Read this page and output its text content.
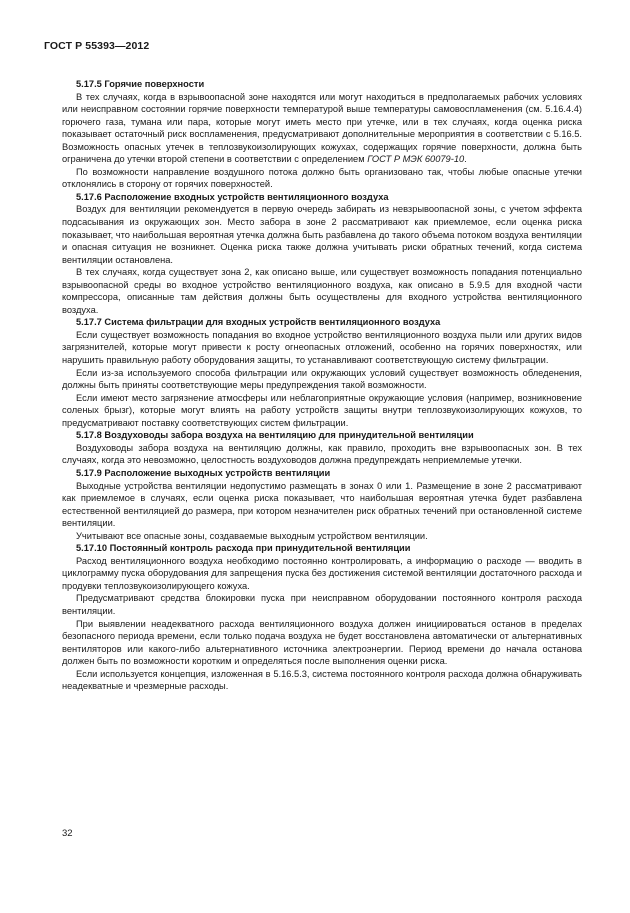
ГОСТ Р 55393—2012

5.17.5 Горячие поверхности

В тех случаях, когда в взрывоопасной зоне находятся или могут находиться в предполагаемых рабочих условиях или неисправном состоянии горячие поверхности температурой выше температуры самовоспламенения (см. 5.16.4.4) горючего газа, тумана или пара, которые могут иметь место при утечке, или в тех случаях, когда оценка риска показывает остаточный риск воспламенения, предусматривают дополнительные мероприятия в соответствии с 5.16.5. Возможность опасных утечек в теплозвукоизолирующих кожухах, содержащих горячие поверхности, должна быть ограничена до утечки второй степени в соответствии с определением ГОСТ Р МЭК 60079-10.

По возможности направление воздушного потока должно быть организовано так, чтобы любые опасные утечки отклонялись в сторону от горячих поверхностей.

5.17.6 Расположение входных устройств вентиляционного воздуха

Воздух для вентиляции рекомендуется в первую очередь забирать из невзрывоопасной зоны, с учетом эффекта подсасывания из окружающих зон. Место забора в зоне 2 рассматривают как приемлемое, если оценка риска показывает, что наибольшая вероятная утечка должна быть разбавлена до такого объема потоком воздуха вентиляции и опасная ситуация не возникнет. Оценка риска также должна учитывать риски обратных течений, когда система вентиляции остановлена.

В тех случаях, когда существует зона 2, как описано выше, или существует возможность попадания потенциально взрывоопасной среды во входное устройство вентиляционного воздуха, как описано в 5.9.5 для входной части компрессора, описанные там действия должны быть осуществлены для входного устройства вентиляционного воздуха.

5.17.7 Система фильтрации для входных устройств вентиляционного воздуха

Если существует возможность попадания во входное устройство вентиляционного воздуха пыли или других видов загрязнителей, которые могут привести к росту огнеопасных отложений, особенно на горячих поверхностях, или нарушить правильную работу оборудования защиты, то устанавливают соответствующую систему фильтрации.

Если из-за используемого способа фильтрации или окружающих условий существует возможность обледенения, должны быть приняты соответствующие меры предупреждения такой возможности.

Если имеют место загрязнение атмосферы или неблагоприятные окружающие условия (например, возникновение соленых брызг), которые могут влиять на работу устройств защиты внутри теплозвукоизолирующих кожухов, то предусматривают поставку соответствующих систем фильтрации.

5.17.8 Воздуховоды забора воздуха на вентиляцию для принудительной вентиляции

Воздуховоды забора воздуха на вентиляцию должны, как правило, проходить вне взрывоопасных зон. В тех случаях, когда это невозможно, целостность воздуховодов должна предупреждать неприемлемые утечки.

5.17.9 Расположение выходных устройств вентиляции

Выходные устройства вентиляции недопустимо размещать в зонах 0 или 1. Размещение в зоне 2 рассматривают как приемлемое в случаях, если оценка риска показывает, что наибольшая вероятная утечка будет разбавлена естественной вентиляцией до размера, при котором незначителен риск обратных течений при остановленной системе вентиляции.

Учитывают все опасные зоны, создаваемые выходным устройством вентиляции.

5.17.10 Постоянный контроль расхода при принудительной вентиляции

Расход вентиляционного воздуха необходимо постоянно контролировать, а информацию о расходе — вводить в циклограмму пуска оборудования для запрещения пуска без достижения системой вентиляции достаточного расхода и продувки теплозвукоизолирующего кожуха.

Предусматривают средства блокировки пуска при неисправном оборудовании постоянного контроля расхода вентиляции.

При выявлении неадекватного расхода вентиляционного воздуха должен инициироваться останов в пределах безопасного периода времени, если только подача воздуха не будет восстановлена автоматически от альтернативных вентиляторов или какого-либо альтернативного источника электроэнергии. Период времени до начала останова должен быть по возможности коротким и определяться после выполнения оценки риска.

Если используется концепция, изложенная в 5.16.5.3, система постоянного контроля расхода должна обнаруживать неадекватные и чрезмерные расходы.

32
